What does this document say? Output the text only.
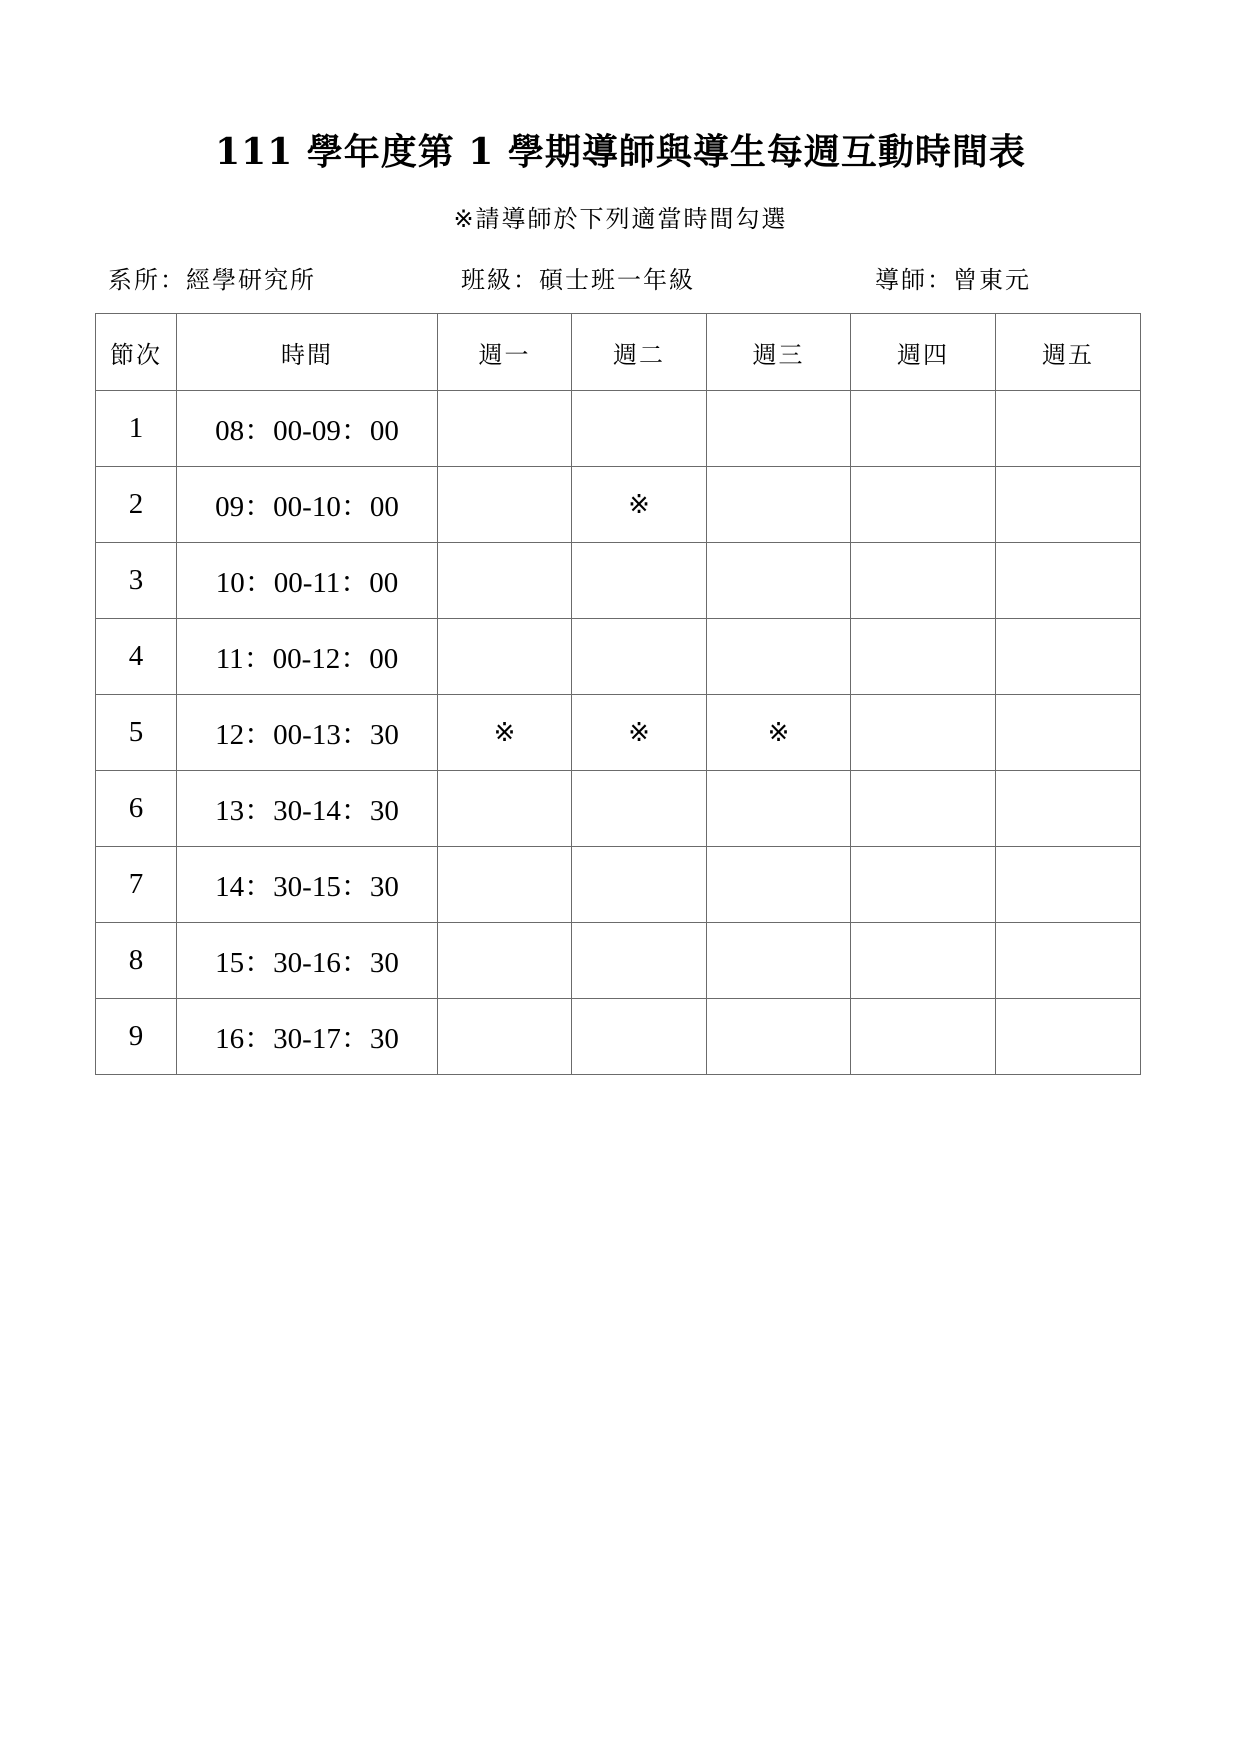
111 學年度第 1 學期導師與導生每週互動時間表
※請導師於下列適當時間勾選
系所：經學研究所	班級：碩士班一年級	導師：曾東元
節次	時間	週一	週二	週三	週四	週五
1	08：00-09：00					
2	09：00-10：00		※			
3	10：00-11：00					
4	11：00-12：00					
5	12：00-13：30	※	※	※		
6	13：30-14：30					
7	14：30-15：30					
8	15：30-16：30					
9	16：30-17：30					
